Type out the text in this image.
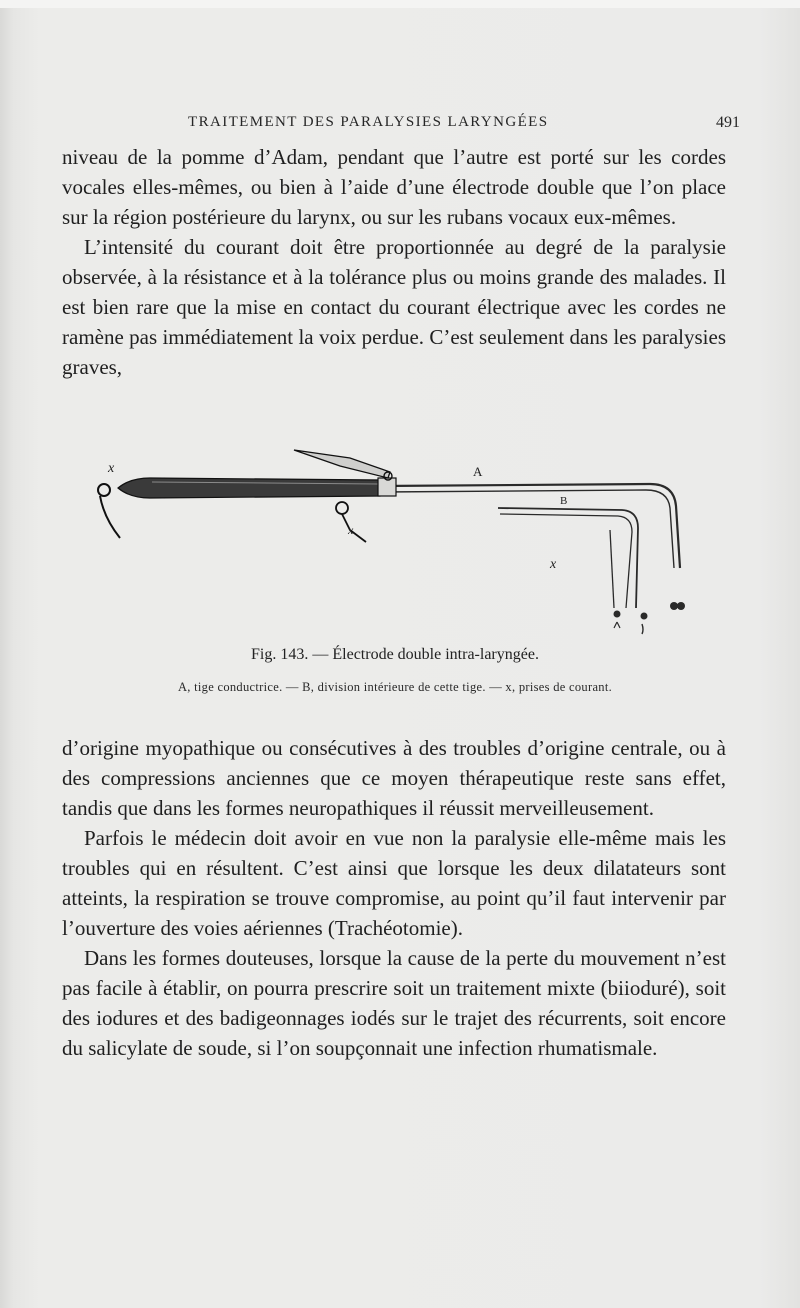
TRAITEMENT DES PARALYSIES LARYNGÉES	491

niveau de la pomme d’Adam, pendant que l’autre est porté sur les cordes vocales elles-mêmes, ou bien à l’aide d’une électrode double que l’on place sur la région postérieure du larynx, ou sur les rubans vocaux eux-mêmes.

L’intensité du courant doit être proportionnée au degré de la paralysie observée, à la résistance et à la tolérance plus ou moins grande des malades. Il est bien rare que la mise en contact du courant électrique avec les cordes ne ramène pas immédiatement la voix perdue. C’est seulement dans les paralysies graves,

x
x
x
A
B
Fig. 143. — Électrode double intra-laryngée.
A, tige conductrice. — B, division intérieure de cette tige. — x, prises de courant.

d’origine myopathique ou consécutives à des troubles d’origine centrale, ou à des compressions anciennes que ce moyen thérapeutique reste sans effet, tandis que dans les formes neuropathiques il réussit merveilleusement.

Parfois le médecin doit avoir en vue non la paralysie elle-même mais les troubles qui en résultent. C’est ainsi que lorsque les deux dilatateurs sont atteints, la respiration se trouve compromise, au point qu’il faut intervenir par l’ouverture des voies aériennes (Trachéotomie).

Dans les formes douteuses, lorsque la cause de la perte du mouvement n’est pas facile à établir, on pourra prescrire soit un traitement mixte (biioduré), soit des iodures et des badigeonnages iodés sur le trajet des récurrents, soit encore du salicylate de soude, si l’on soupçonnait une infection rhumatismale.
